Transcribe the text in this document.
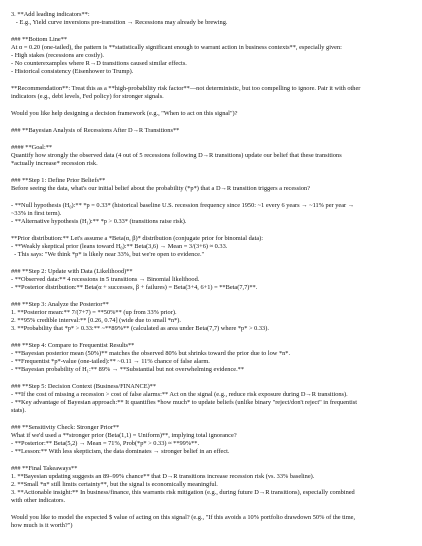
3. **Add leading indicators**:
- E.g., Yield curve inversions pre-transition → Recessions may already be brewing.
### **Bottom Line**
At α = 0.20 (one-tailed), the pattern is **statistically significant enough to warrant action in business contexts**, especially given:
- High stakes (recessions are costly).
- No counterexamples where R→D transitions caused similar effects.
- Historical consistency (Eisenhower to Trump).
**Recommendation**: Treat this as a **high-probability risk factor**—not deterministic, but too compelling to ignore. Pair it with other
indicators (e.g., debt levels, Fed policy) for stronger signals.
Would you like help designing a decision framework (e.g., "When to act on this signal")?
### **Bayesian Analysis of Recessions After D→R Transitions**
#### **Goal:**
Quantify how strongly the observed data (4 out of 5 recessions following D→R transitions) update our belief that these transitions
*actually increase* recession risk.
### **Step 1: Define Prior Beliefs**
Before seeing the data, what's our initial belief about the probability (*p*) that a D→R transition triggers a recession?
- **Null hypothesis (H₀):** *p = 0.33* (historical baseline U.S. recession frequency since 1950: ~1 every 6 years → ~11% per year →
~33% in first term).
- **Alternative hypothesis (H₁):** *p > 0.33* (transitions raise risk).
**Prior distribution:** Let's assume a *Beta(α, β)* distribution (conjugate prior for binomial data):
- **Weakly skeptical prior (leans toward H₀):** Beta(3,6) → Mean = 3/(3+6) ≈ 0.33.
- This says: "We think *p* is likely near 33%, but we're open to evidence."
### **Step 2: Update with Data (Likelihood)**
- **Observed data:** 4 recessions in 5 transitions → Binomial likelihood.
- **Posterior distribution:** Beta(α + successes, β + failures) = Beta(3+4, 6+1) = **Beta(7,7)**.
### **Step 3: Analyze the Posterior**
1. **Posterior mean:** 7/(7+7) = **50%** (up from 33% prior).
2. **95% credible interval:** [0.26, 0.74] (wide due to small *n*).
3. **Probability that *p* > 0.33:** ~**89%** (calculated as area under Beta(7,7) where *p* > 0.33).
### **Step 4: Compare to Frequentist Results**
- **Bayesian posterior mean (50%)** matches the observed 80% but shrinks toward the prior due to low *n*.
- **Frequentist *p*-value (one-tailed):** ~0.11 → 11% chance of false alarm.
- **Bayesian probability of H₁:** 89% → **Substantial but not overwhelming evidence.**
### **Step 5: Decision Context (Business/FINANCE)**
- **If the cost of missing a recession > cost of false alarms:** Act on the signal (e.g., reduce risk exposure during D→R transitions).
- **Key advantage of Bayesian approach:** It quantifies *how much* to update beliefs (unlike binary "reject/don't reject" in frequentist
stats).
### **Sensitivity Check: Stronger Prior**
What if we'd used a **stronger prior (Beta(1,1) = Uniform)**, implying total ignorance?
- **Posterior:** Beta(5,2) → Mean = 71%, Prob(*p* > 0.33) ≈ **99%**.
- **Lesson:** With less skepticism, the data dominates → stronger belief in an effect.
### **Final Takeaways**
1. **Bayesian updating suggests an 89–99% chance** that D→R transitions increase recession risk (vs. 33% baseline).
2. **Small *n* still limits certainty**, but the signal is economically meaningful.
3. **Actionable insight:** In business/finance, this warrants risk mitigation (e.g., during future D→R transitions), especially combined
with other indicators.
Would you like to model the expected $ value of acting on this signal? (e.g., "If this avoids a 10% portfolio drawdown 50% of the time,
how much is it worth?")
